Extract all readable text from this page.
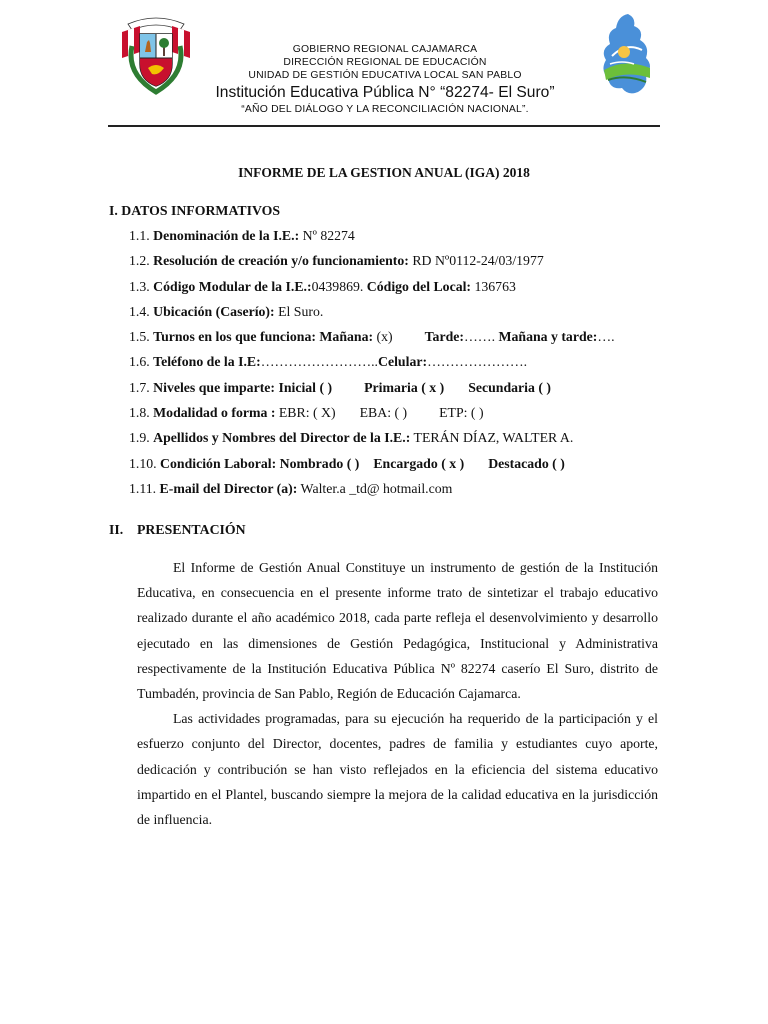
GOBIERNO REGIONAL CAJAMARCA
DIRECCIÓN REGIONAL DE EDUCACIÓN
UNIDAD DE GESTIÓN EDUCATIVA LOCAL SAN PABLO
Institución Educativa Pública N° “82274- El Suro”
“AÑO DEL DIÁLOGO Y LA RECONCILIACIÓN NACIONAL”.
INFORME DE LA GESTION ANUAL (IGA) 2018
I. DATOS INFORMATIVOS
1.1. Denominación de la I.E.: Nº 82274
1.2. Resolución de creación y/o funcionamiento: RD Nº0112-24/03/1977
1.3. Código Modular de la I.E.:0439869. Código del Local: 136763
1.4. Ubicación (Caserío): El Suro.
1.5. Turnos en los que funciona: Mañana: (x) Tarde:……. Mañana y tarde:….
1.6. Teléfono de la I.E:……………………..Celular:………………….
1.7. Niveles que imparte: Inicial ( ) Primaria ( x ) Secundaria ( )
1.8. Modalidad o forma : EBR: ( X) EBA: ( ) ETP: ( )
1.9. Apellidos y Nombres del Director de la I.E.: TERÁN DÍAZ, WALTER A.
1.10. Condición Laboral: Nombrado ( ) Encargado ( x ) Destacado ( )
1.11. E-mail del Director (a): Walter.a _td@ hotmail.com
II. PRESENTACIÓN

El Informe de Gestión Anual Constituye un instrumento de gestión de la Institución Educativa, en consecuencia en el presente informe trato de sintetizar el trabajo educativo realizado durante el año académico 2018, cada parte refleja el desenvolvimiento y desarrollo ejecutado en las dimensiones de Gestión Pedagógica, Institucional y Administrativa respectivamente de la Institución Educativa Pública Nº 82274 caserío El Suro, distrito de Tumbadén, provincia de San Pablo, Región de Educación Cajamarca.

Las actividades programadas, para su ejecución ha requerido de la participación y el esfuerzo conjunto del Director, docentes, padres de familia y estudiantes cuyo aporte, dedicación y contribución se han visto reflejados en la eficiencia del sistema educativo impartido en el Plantel, buscando siempre la mejora de la calidad educativa en la jurisdicción de influencia.
